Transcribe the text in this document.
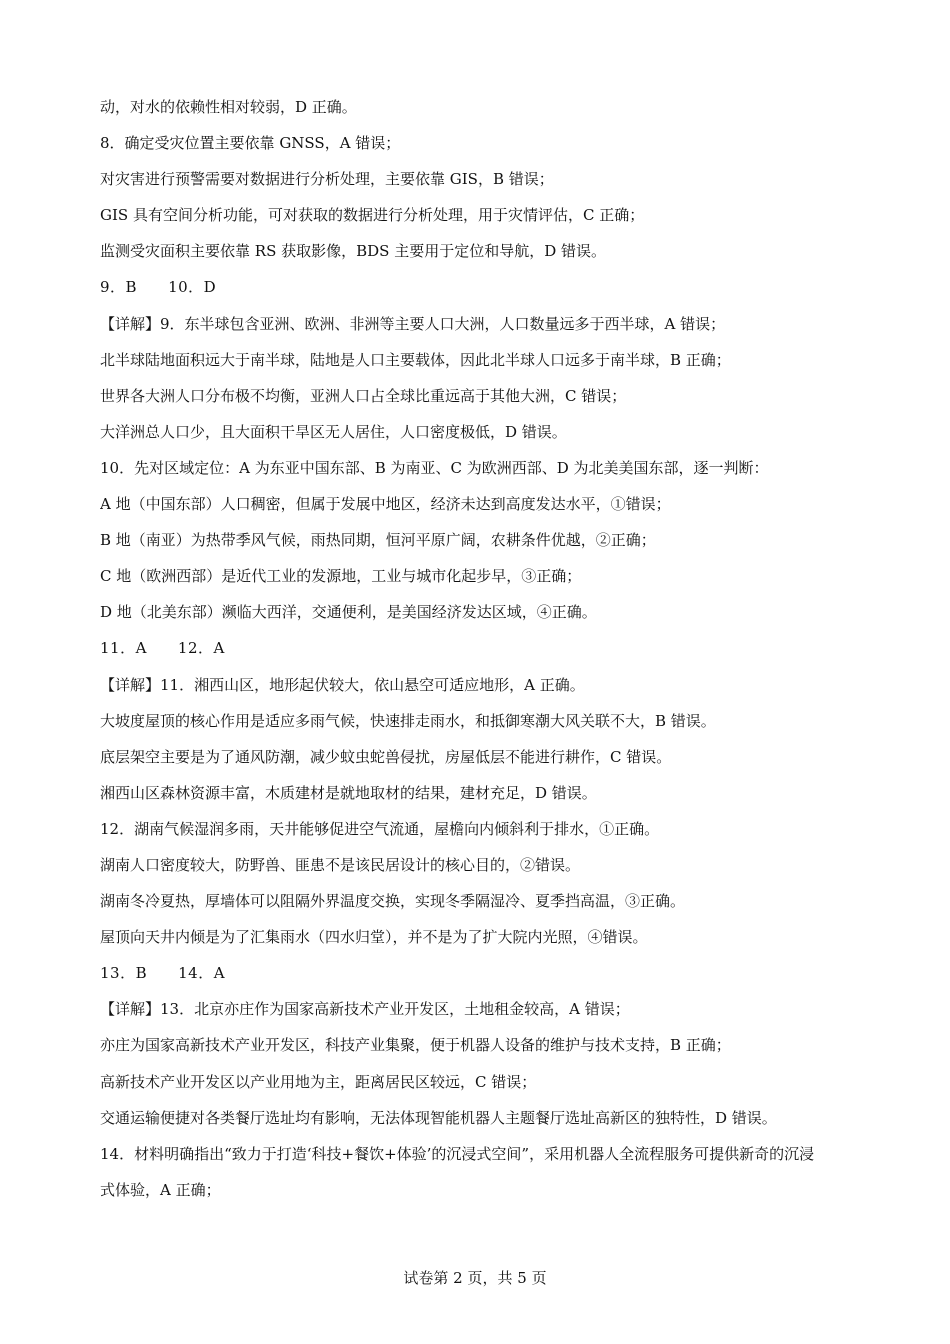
动，对水的依赖性相对较弱，D 正确。
8．确定受灾位置主要依靠 GNSS，A 错误；
对灾害进行预警需要对数据进行分析处理，主要依靠 GIS，B 错误；
GIS 具有空间分析功能，可对获取的数据进行分析处理，用于灾情评估，C 正确；
监测受灾面积主要依靠 RS 获取影像，BDS 主要用于定位和导航，D 错误。
9．B　　10．D
【详解】9．东半球包含亚洲、欧洲、非洲等主要人口大洲，人口数量远多于西半球，A 错误；
北半球陆地面积远大于南半球，陆地是人口主要载体，因此北半球人口远多于南半球，B 正确；
世界各大洲人口分布极不均衡，亚洲人口占全球比重远高于其他大洲，C 错误；
大洋洲总人口少，且大面积干旱区无人居住，人口密度极低，D 错误。
10．先对区域定位：A 为东亚中国东部、B 为南亚、C 为欧洲西部、D 为北美美国东部，逐一判断：
A 地（中国东部）人口稠密，但属于发展中地区，经济未达到高度发达水平，①错误；
B 地（南亚）为热带季风气候，雨热同期，恒河平原广阔，农耕条件优越，②正确；
C 地（欧洲西部）是近代工业的发源地，工业与城市化起步早，③正确；
D 地（北美东部）濒临大西洋，交通便利，是美国经济发达区域，④正确。
11．A　　12．A
【详解】11．湘西山区，地形起伏较大，依山悬空可适应地形，A 正确。
大坡度屋顶的核心作用是适应多雨气候，快速排走雨水，和抵御寒潮大风关联不大，B 错误。
底层架空主要是为了通风防潮，减少蚊虫蛇兽侵扰，房屋低层不能进行耕作，C 错误。
湘西山区森林资源丰富，木质建材是就地取材的结果，建材充足，D 错误。
12．湖南气候湿润多雨，天井能够促进空气流通，屋檐向内倾斜利于排水，①正确。
湖南人口密度较大，防野兽、匪患不是该民居设计的核心目的，②错误。
湖南冬冷夏热，厚墙体可以阻隔外界温度交换，实现冬季隔湿冷、夏季挡高温，③正确。
屋顶向天井内倾是为了汇集雨水（四水归堂），并不是为了扩大院内光照，④错误。
13．B　　14．A
【详解】13．北京亦庄作为国家高新技术产业开发区，土地租金较高，A 错误；
亦庄为国家高新技术产业开发区，科技产业集聚，便于机器人设备的维护与技术支持，B 正确；
高新技术产业开发区以产业用地为主，距离居民区较远，C 错误；
交通运输便捷对各类餐厅选址均有影响，无法体现智能机器人主题餐厅选址高新区的独特性，D 错误。
14．材料明确指出“致力于打造‘科技+餐饮+体验’的沉浸式空间”，采用机器人全流程服务可提供新奇的沉浸
式体验，A 正确；
试卷第 2 页，共 5 页
